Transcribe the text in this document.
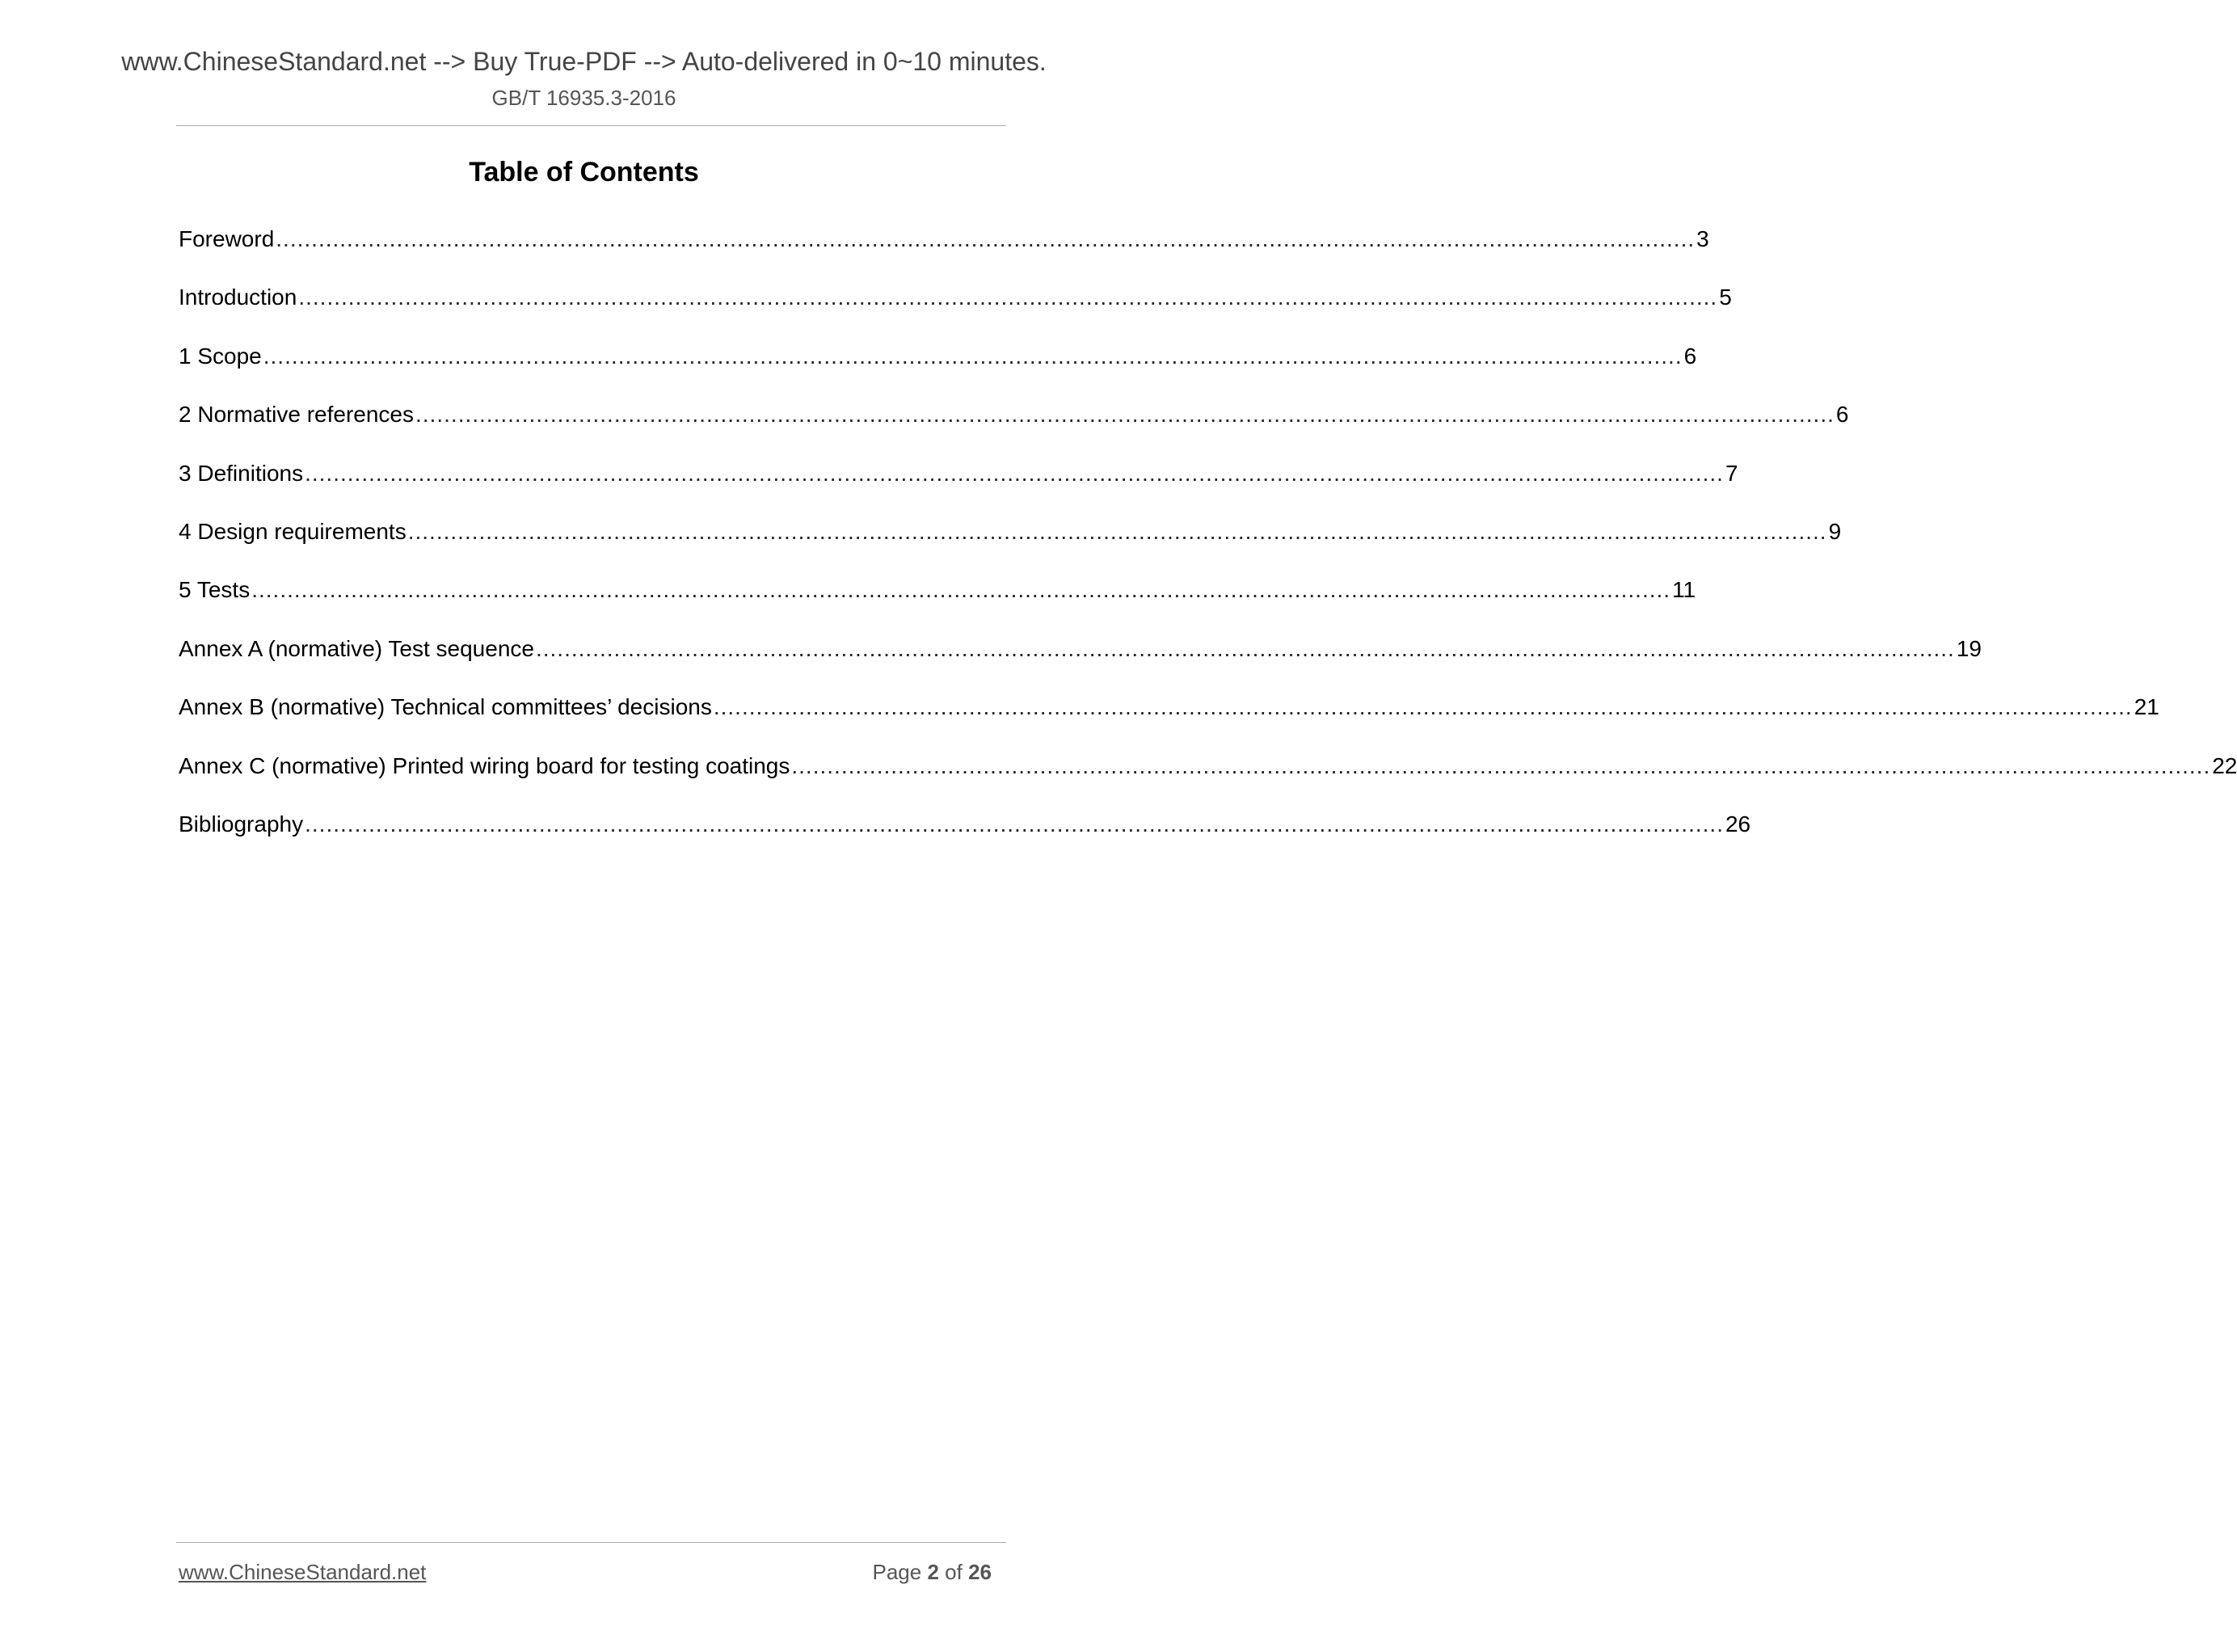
www.ChineseStandard.net --> Buy True-PDF --> Auto-delivered in 0~10 minutes.
GB/T 16935.3-2016
Table of Contents
Foreword ........................................................................................................................................................................................................ 3
Introduction ........................................................................................................................................................................................................ 5
1 Scope ........................................................................................................................................................................................................ 6
2 Normative references ........................................................................................................................................................................................................ 6
3 Definitions ........................................................................................................................................................................................................ 7
4 Design requirements ........................................................................................................................................................................................................ 9
5 Tests ........................................................................................................................................................................................................ 11
Annex A (normative) Test sequence ........................................................................................................................................................................................................ 19
Annex B (normative) Technical committees’ decisions ........................................................................................................................................................................................................ 21
Annex C (normative) Printed wiring board for testing coatings ........................................................................................................................................................................................................ 22
Bibliography ........................................................................................................................................................................................................ 26
www.ChineseStandard.net	Page 2 of 26
